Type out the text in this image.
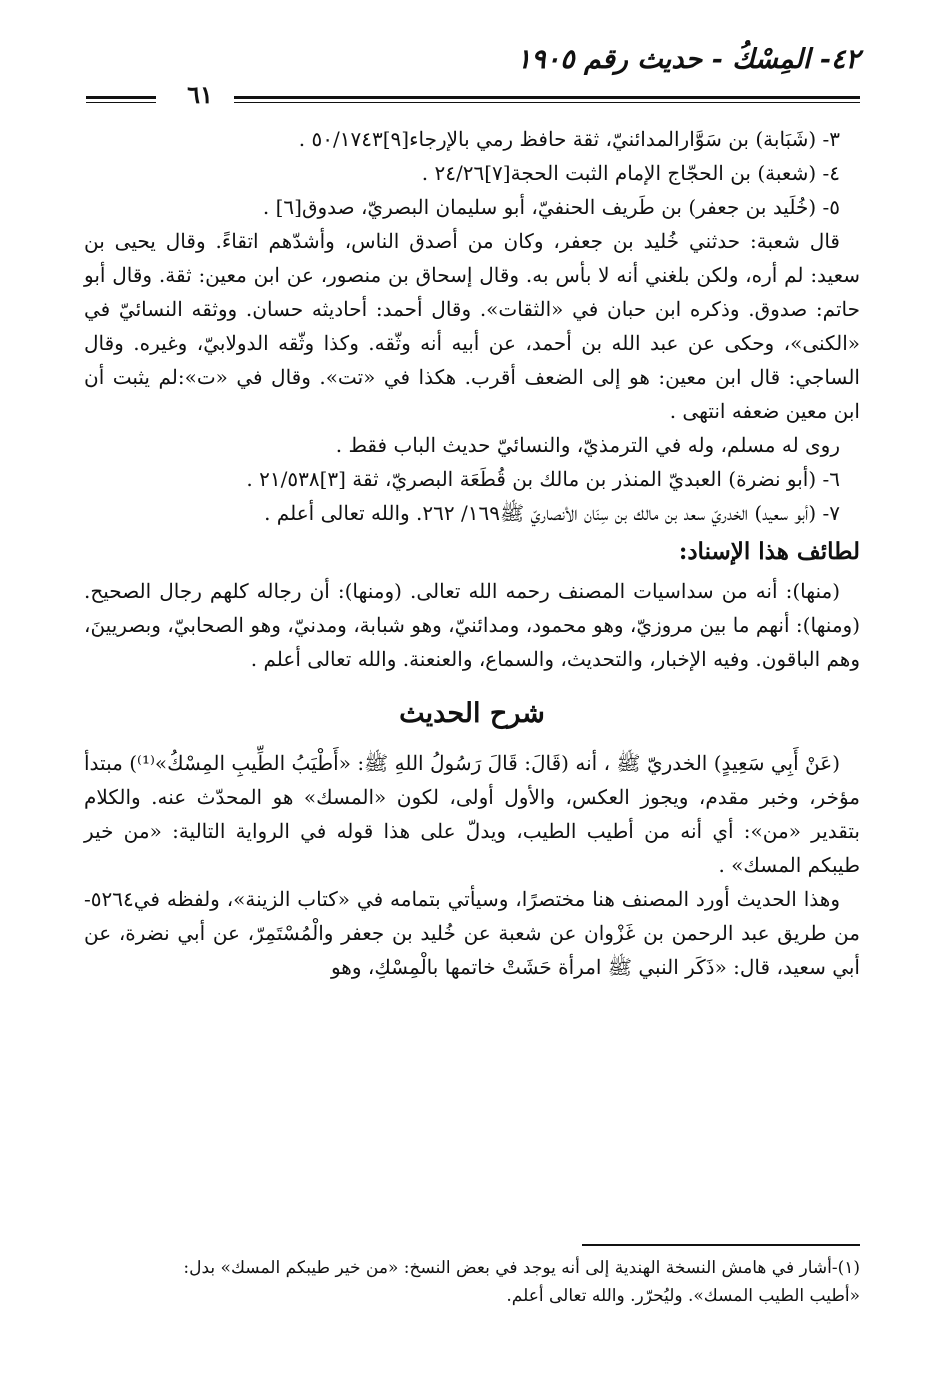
٤٢- المِسْكُ - حديث رقم ١٩٠٥
٦١

٣- (شَبَابة) بن سَوَّارالمدائنيّ، ثقة حافظ رمي بالإرجاء[٩]٥٠/١٧٤٣ .

٤- (شعبة) بن الحجّاج الإمام الثبت الحجة[٧]٢٤/٢٦ .

٥- (خُلَيد بن جعفر) بن طَريف الحنفيّ، أبو سليمان البصريّ، صدوق[٦] .

قال شعبة: حدثني خُليد بن جعفر، وكان من أصدق الناس، وأشدّهم اتقاءً. وقال يحيى بن سعيد: لم أره، ولكن بلغني أنه لا بأس به. وقال إسحاق بن منصور، عن ابن معين: ثقة. وقال أبو حاتم: صدوق. وذكره ابن حبان في «الثقات». وقال أحمد: أحاديثه حسان. ووثقه النسائيّ في «الكنى»، وحكى عن عبد الله بن أحمد، عن أبيه أنه وثّقه. وكذا وثّقه الدولابيّ، وغيره. وقال الساجي: قال ابن معين: هو إلى الضعف أقرب. هكذا في «تت». وقال في «ت»:لم يثبت أن ابن معين ضعفه انتهى .

روى له مسلم، وله في الترمذيّ، والنسائيّ حديث الباب فقط .

٦- (أبو نضرة) العبديّ المنذر بن مالك بن قُطَعَة البصريّ، ثقة [٣]٢١/٥٣٨ .

٧- (أبو سعيد) الخدريّ سعد بن مالك بن سِنَان الأنصاريّ ﷺ١٦٩/ ٢٦٢. والله تعالى أعلم .

لطائف هذا الإسناد:

(منها): أنه من سداسيات المصنف رحمه الله تعالى. (ومنها): أن رجاله كلهم رجال الصحيح. (ومنها): أنهم ما بين مروزيّ، وهو محمود، ومدائنيّ، وهو شبابة، ومدنيّ، وهو الصحابيّ، وبصريينَ، وهم الباقون. وفيه الإخبار، والتحديث، والسماع، والعنعنة. والله تعالى أعلم .

شرح الحديث

(عَنْ أَبِي سَعِيدٍ) الخدريّ ﷺ ، أنه (قَالَ: قَالَ رَسُولُ اللهِ ﷺ: «أَطْيَبُ الطِّيبِ المِسْكُ»⁽¹⁾) مبتدأ مؤخر، وخبر مقدم، ويجوز العكس، والأول أولى، لكون «المسك» هو المحدّث عنه. والكلام بتقدير «من»: أي أنه من أطيب الطيب، ويدلّ على هذا قوله في الرواية التالية: «من خير طيبكم المسك» .

وهذا الحديث أورد المصنف هنا مختصرًا، وسيأتي بتمامه في «كتاب الزينة»، ولفظه في٥٢٦٤- من طريق عبد الرحمن بن غَزْوان عن شعبة عن خُليد بن جعفر والْمُسْتَمِرّ، عن أبي نضرة، عن أبي سعيد، قال: «ذَكَر النبي ﷺ امرأة حَشَتْ خاتمها بالْمِسْكِ، وهو

(١)-أشار في هامش النسخة الهندية إلى أنه يوجد في بعض النسخ: «من خير طيبكم المسك» بدل:

«أطيب الطيب المسك». وليُحرّر. والله تعالى أعلم.
